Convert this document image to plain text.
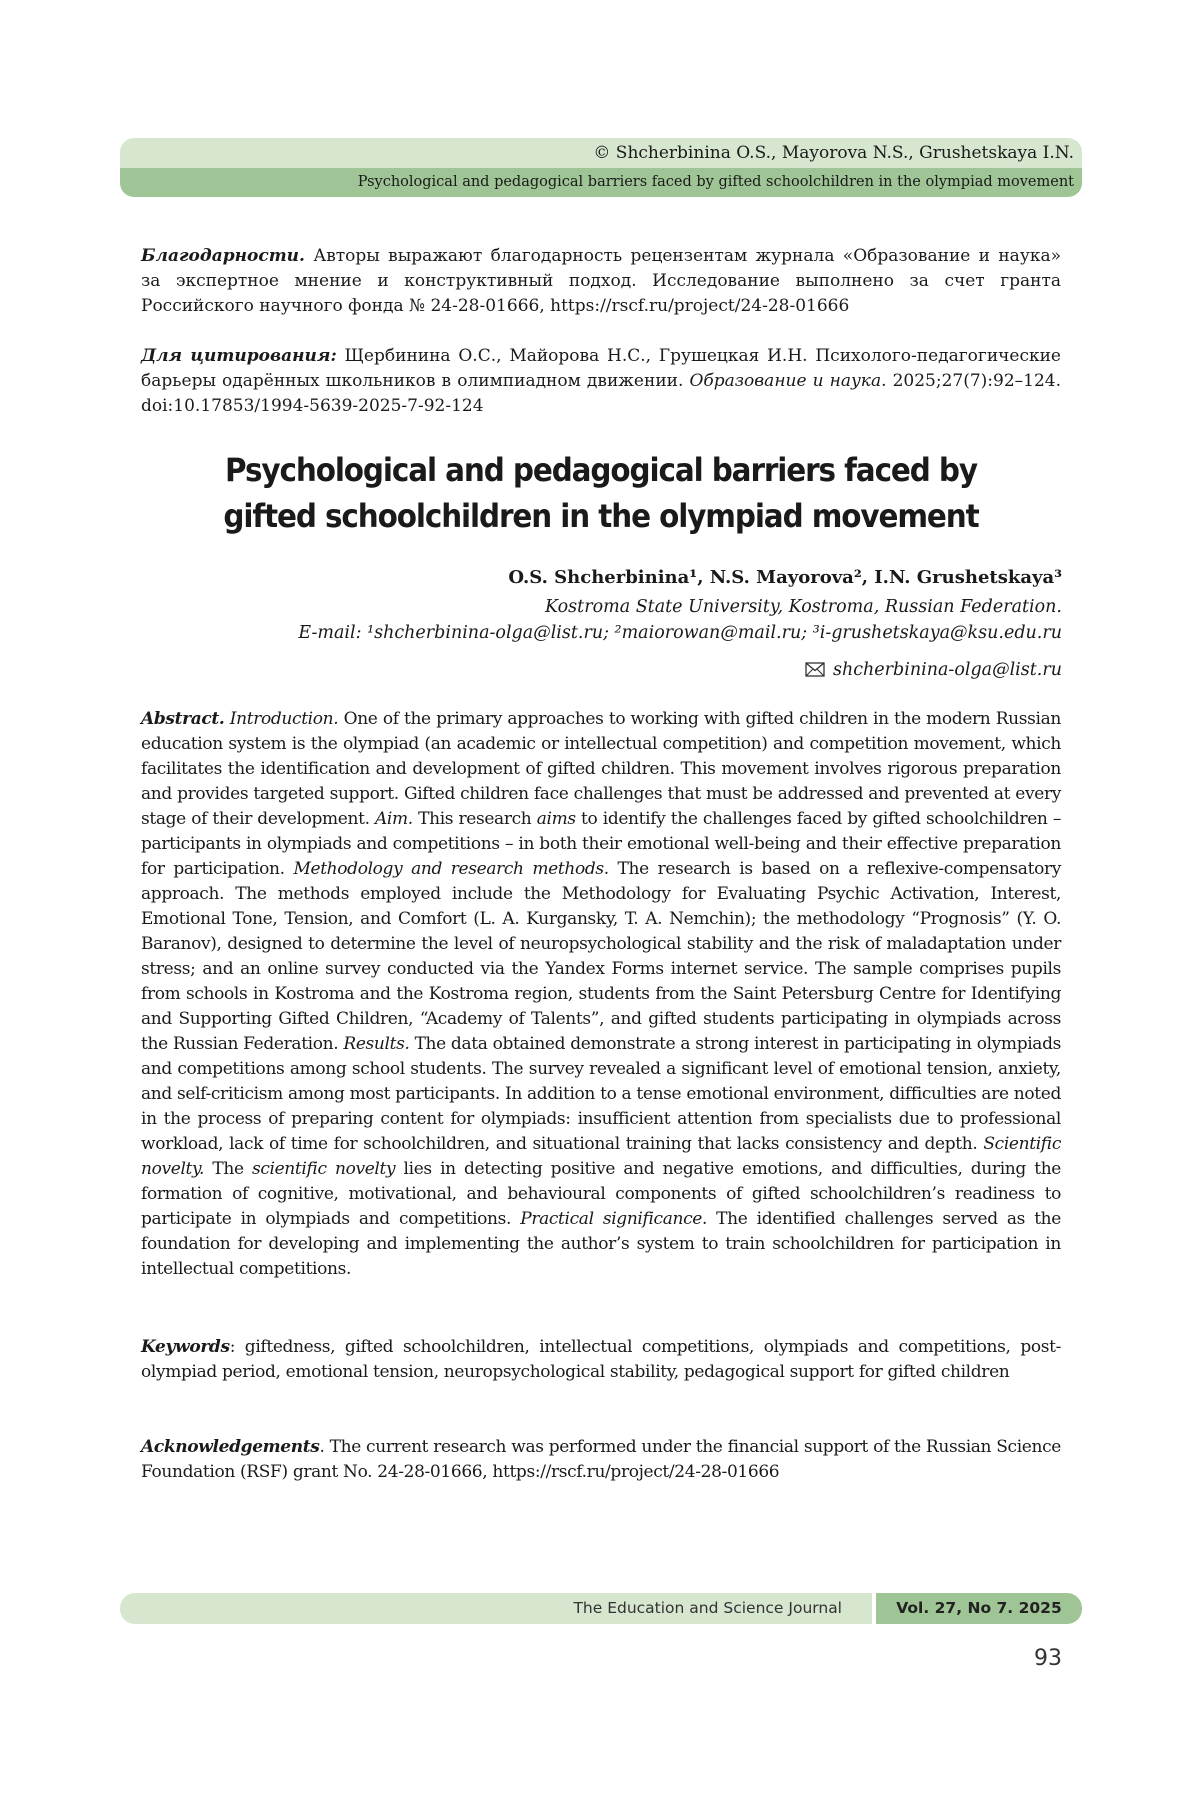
© Shcherbinina O.S., Mayorova N.S., Grushetskaya I.N.
Psychological and pedagogical barriers faced by gifted schoolchildren in the olympiad movement
Благодарности. Авторы выражают благодарность рецензентам журнала «Образование и наука» за экспертное мнение и конструктивный подход. Исследование выполнено за счет гранта Российского научного фонда № 24-28-01666, https://rscf.ru/project/24-28-01666
Для цитирования: Щербинина О.С., Майорова Н.С., Грушецкая И.Н. Психолого-педагогические барьеры одарённых школьников в олимпиадном движении. Образование и наука. 2025;27(7):92–124. doi:10.17853/1994-5639-2025-7-92-124
Psychological and pedagogical barriers faced by gifted schoolchildren in the olympiad movement
O.S. Shcherbinina¹, N.S. Mayorova², I.N. Grushetskaya³
Kostroma State University, Kostroma, Russian Federation.
E-mail: ¹shcherbinina-olga@list.ru; ²maiorowan@mail.ru; ³i-grushetskaya@ksu.edu.ru
shcherbinina-olga@list.ru
Abstract. Introduction. One of the primary approaches to working with gifted children in the modern Russian education system is the olympiad (an academic or intellectual competition) and competition movement, which facilitates the identification and development of gifted children. This movement involves rigorous preparation and provides targeted support. Gifted children face challenges that must be addressed and prevented at every stage of their development. Aim. This research aims to identify the challenges faced by gifted schoolchildren – participants in olympiads and competitions – in both their emotional well-being and their effective preparation for participation. Methodology and research methods. The research is based on a reflexive-compensatory approach. The methods employed include the Methodology for Evaluating Psychic Activation, Interest, Emotional Tone, Tension, and Comfort (L. A. Kurgansky, T. A. Nemchin); the methodology “Prognosis” (Y. O. Baranov), designed to determine the level of neuropsychological stability and the risk of maladaptation under stress; and an online survey conducted via the Yandex Forms internet service. The sample comprises pupils from schools in Kostroma and the Kostroma region, students from the Saint Petersburg Centre for Identifying and Supporting Gifted Children, “Academy of Talents”, and gifted students participating in olympiads across the Russian Federation. Results. The data obtained demonstrate a strong interest in participating in olympiads and competitions among school students. The survey revealed a significant level of emotional tension, anxiety, and self-criticism among most participants. In addition to a tense emotional environment, difficulties are noted in the process of preparing content for olympiads: insufficient attention from specialists due to professional workload, lack of time for schoolchildren, and situational training that lacks consistency and depth. Scientific novelty. The scientific novelty lies in detecting positive and negative emotions, and difficulties, during the formation of cognitive, motivational, and behavioural components of gifted schoolchildren’s readiness to participate in olympiads and competitions. Practical significance. The identified challenges served as the foundation for developing and implementing the author’s system to train schoolchildren for participation in intellectual competitions.
Keywords: giftedness, gifted schoolchildren, intellectual competitions, olympiads and competitions, post-olympiad period, emotional tension, neuropsychological stability, pedagogical support for gifted children
Acknowledgements. The current research was performed under the financial support of the Russian Science Foundation (RSF) grant No. 24-28-01666, https://rscf.ru/project/24-28-01666
The Education and Science Journal	Vol. 27, No 7. 2025
93
